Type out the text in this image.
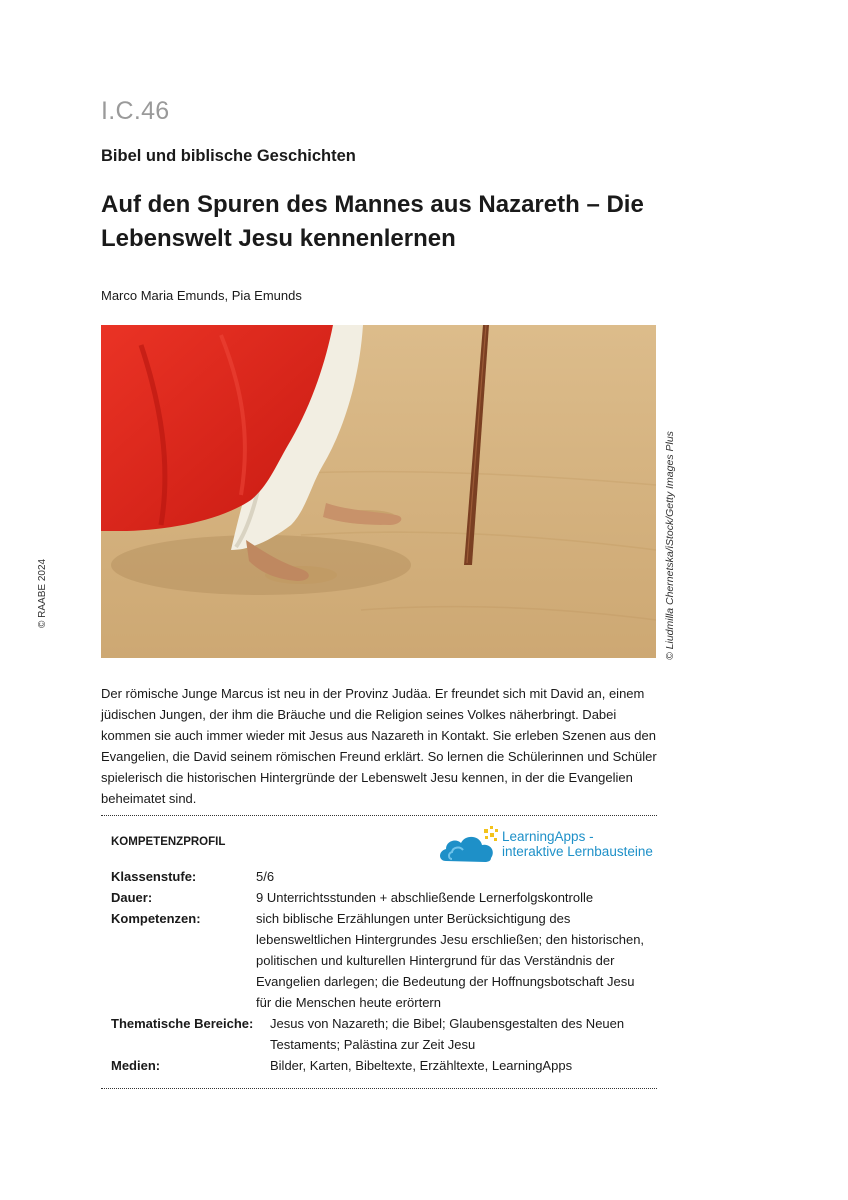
I.C.46
Bibel und biblische Geschichten
Auf den Spuren des Mannes aus Nazareth – Die Lebenswelt Jesu kennenlernen
Marco Maria Emunds, Pia Emunds
© Liudmilla Chernetska/iStock/Getty Images Plus
© RAABE 2024

Der römische Junge Marcus ist neu in der Provinz Judäa. Er freundet sich mit David an, einem jüdischen Jungen, der ihm die Bräuche und die Religion seines Volkes näherbringt. Dabei kommen sie auch immer wieder mit Jesus aus Nazareth in Kontakt. Sie erleben Szenen aus den Evangelien, die David seinem römischen Freund erklärt. So lernen die Schülerinnen und Schüler spielerisch die historischen Hintergründe der Lebenswelt Jesu kennen, in der die Evangelien beheimatet sind.

KOMPETENZPROFIL	LearningApps -
interaktive Lernbausteine
Klassenstufe:	5/6
Dauer:	9 Unterrichtsstunden + abschließende Lernerfolgskontrolle
Kompetenzen:	sich biblische Erzählungen unter Berücksichtigung des lebensweltlichen Hintergrundes Jesu erschließen; den historischen, politischen und kulturellen Hintergrund für das Verständnis der Evangelien darlegen; die Bedeutung der Hoffnungsbotschaft Jesu für die Menschen heute erörtern
Thematische Bereiche:	Jesus von Nazareth; die Bibel; Glaubensgestalten des Neuen Testaments; Palästina zur Zeit Jesu
Medien:	Bilder, Karten, Bibeltexte, Erzähltexte, LearningApps
